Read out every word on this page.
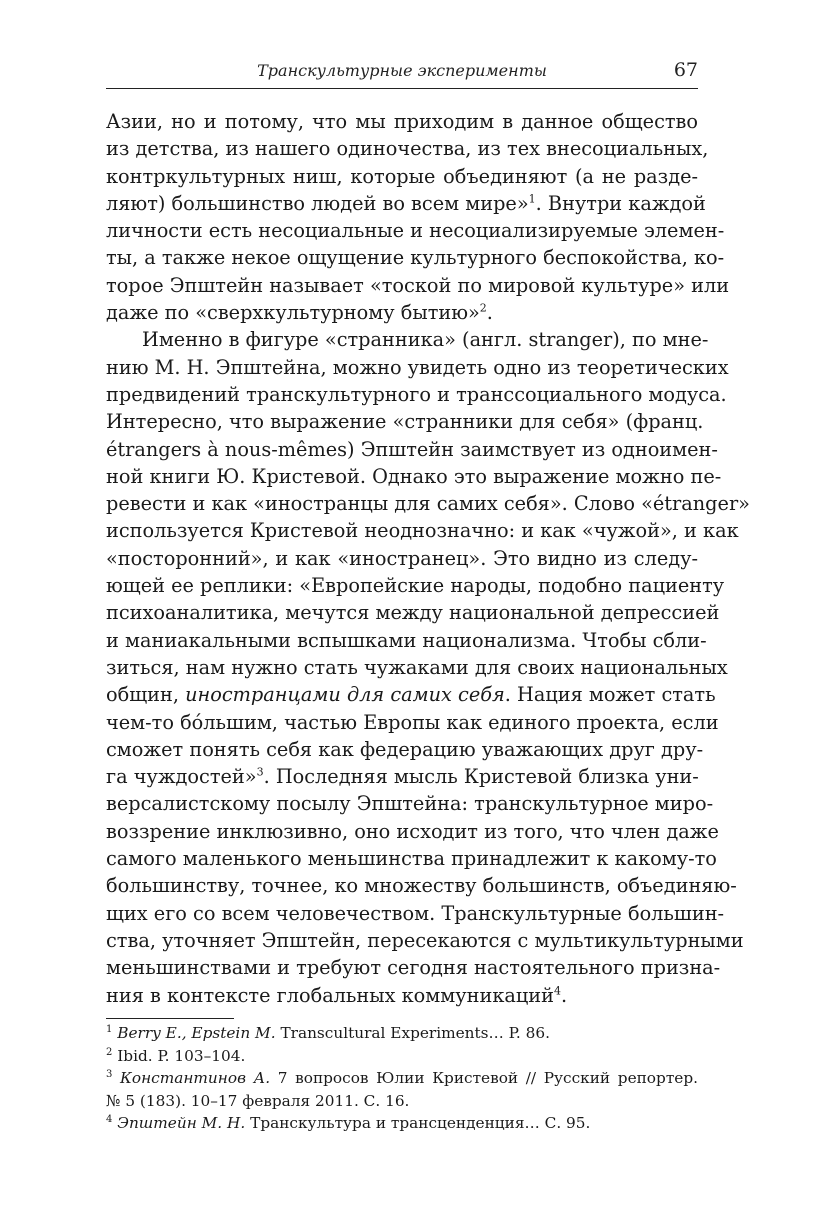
Транскультурные эксперименты	67
Азии, но и потому, что мы приходим в данное общество
из детства, из нашего одиночества, из тех внесоциальных,
контркультурных ниш, которые объединяют (а не разде-
ляют) большинство людей во всем мире»$^1$. Внутри каждой
личности есть несоциальные и несоциализируемые элемен-
ты, а также некое ощущение культурного беспокойства, ко-
торое Эпштейн называет «тоской по мировой культуре» или
даже по «сверхкультурному бытию»$^2$.
Именно в фигуре «странника» (англ. stranger), по мне-
нию М. Н. Эпштейна, можно увидеть одно из теоретических
предвидений транскультурного и транссоциального модуса.
Интересно, что выражение «странники для себя» (франц.
étrangers à nous-mêmes) Эпштейн заимствует из одноимен-
ной книги Ю. Кристевой. Однако это выражение можно пе-
ревести и как «иностранцы для самих себя». Слово «étranger»
используется Кристевой неоднозначно: и как «чужой», и как
«посторонний», и как «иностранец». Это видно из следу-
ющей ее реплики: «Европейские народы, подобно пациенту
психоаналитика, мечутся между национальной депрессией
и маниакальными вспышками национализма. Чтобы сбли-
зиться, нам нужно стать чужаками для своих национальных
общин, иностранцами для самих себя. Нация может стать
чем-то бóльшим, частью Европы как единого проекта, если
сможет понять себя как федерацию уважающих друг дру-
га чуждостей»$^3$. Последняя мысль Кристевой близка уни-
версалистскому посылу Эпштейна: транскультурное миро-
воззрение инклюзивно, оно исходит из того, что член даже
самого маленького меньшинства принадлежит к какому-то
большинству, точнее, ко множеству большинств, объединяю-
щих его со всем человечеством. Транскультурные большин-
ства, уточняет Эпштейн, пересекаются с мультикультурными
меньшинствами и требуют сегодня настоятельного призна-
ния в контексте глобальных коммуникаций$^4$.
$^1$ Berry E., Epstein M. Transcultural Experiments… P. 86.
$^2$ Ibid. P. 103–104.
$^3$ Константинов А. 7 вопросов Юлии Кристевой // Русский репортер.
№ 5 (183). 10–17 февраля 2011. С. 16.
$^4$ Эпштейн М. Н. Транскультура и трансценденция… С. 95.
